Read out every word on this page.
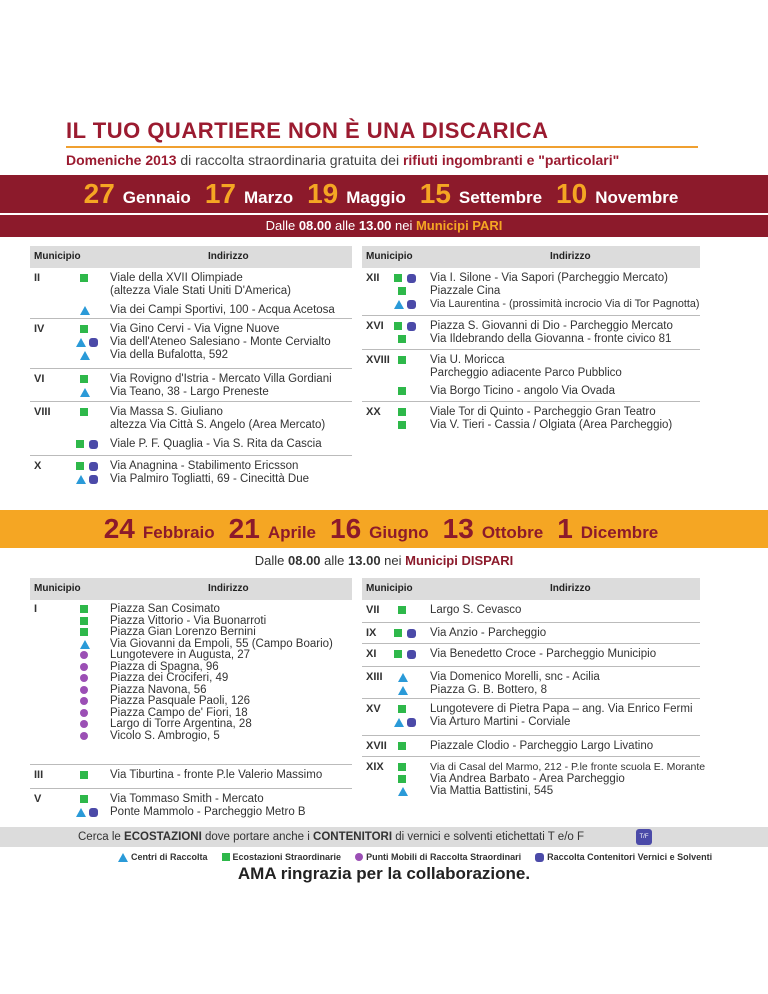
IL TUO QUARTIERE NON È UNA DISCARICA
Domeniche 2013 di raccolta straordinaria gratuita dei rifiuti ingombranti e "particolari"
27 Gennaio 17 Marzo 19 Maggio 15 Settembre 10 Novembre
Dalle 08.00 alle 13.00 nei Municipi PARI
Municipio	Indirizzo	Municipio	Indirizzo
II	Viale della XVII Olimpiade
(altezza Viale Stati Uniti D'America)
Via dei Campi Sportivi, 100 - Acqua Acetosa
IV	Via Gino Cervi - Via Vigne Nuove
Via dell'Ateneo Salesiano - Monte Cervialto
Via della Bufalotta, 592
VI	Via Rovigno d'Istria - Mercato Villa Gordiani
Via Teano, 38 - Largo Preneste
VIII	Via Massa S. Giuliano
altezza Via Città S. Angelo (Area Mercato)
Viale P. F. Quaglia - Via S. Rita da Cascia
X	Via Anagnina - Stabilimento Ericsson
Via Palmiro Togliatti, 69 - Cinecittà Due
XII	Via I. Silone - Via Sapori (Parcheggio Mercato)
Piazzale Cina
Via Laurentina - (prossimità incrocio Via di Tor Pagnotta)
XVI	Piazza S. Giovanni di Dio - Parcheggio Mercato
Via Ildebrando della Giovanna - fronte civico 81
XVIII	Via U. Moricca
Parcheggio adiacente Parco Pubblico
Via Borgo Ticino - angolo Via Ovada
XX	Viale Tor di Quinto - Parcheggio Gran Teatro
Via V. Tieri - Cassia / Olgiata (Area Parcheggio)
I	Piazza San Cosimato
Piazza Vittorio - Via Buonarroti
Piazza Gian Lorenzo Bernini
Via Giovanni da Empoli, 55 (Campo Boario)
Lungotevere in Augusta, 27
Piazza di Spagna, 96
Piazza dei Crociferi, 49
Piazza Navona, 56
Piazza Pasquale Paoli, 126
Piazza Campo de' Fiori, 18
Largo di Torre Argentina, 28
Vicolo S. Ambrogio, 5
III	Via Tiburtina - fronte P.le Valerio Massimo
V	Via Tommaso Smith - Mercato
Ponte Mammolo - Parcheggio Metro B
VII	Largo S. Cevasco
IX	Via Anzio - Parcheggio
XI	Via Benedetto Croce - Parcheggio Municipio
XIII	Via Domenico Morelli, snc - Acilia
Piazza G. B. Bottero, 8
XV	Lungotevere di Pietra Papa – ang. Via Enrico Fermi
Via Arturo Martini - Corviale
XVII	Piazzale Clodio - Parcheggio Largo Livatino
XIX	Via di Casal del Marmo, 212 - P.le fronte scuola E. Morante
Via Andrea Barbato - Area Parcheggio
Via Mattia Battistini, 545
24 Febbraio 21 Aprile 16 Giugno 13 Ottobre 1 Dicembre
Dalle 08.00 alle 13.00 nei Municipi DISPARI
Municipio	Indirizzo	Municipio	Indirizzo
Cerca le ECOSTAZIONI dove portare anche i CONTENITORI di vernici e solventi etichettati T e/o F	T/F
Centri di Raccolta	Ecostazioni Straordinarie	Punti Mobili di Raccolta Straordinari	Raccolta Contenitori Vernici e Solventi
AMA ringrazia per la collaborazione.
